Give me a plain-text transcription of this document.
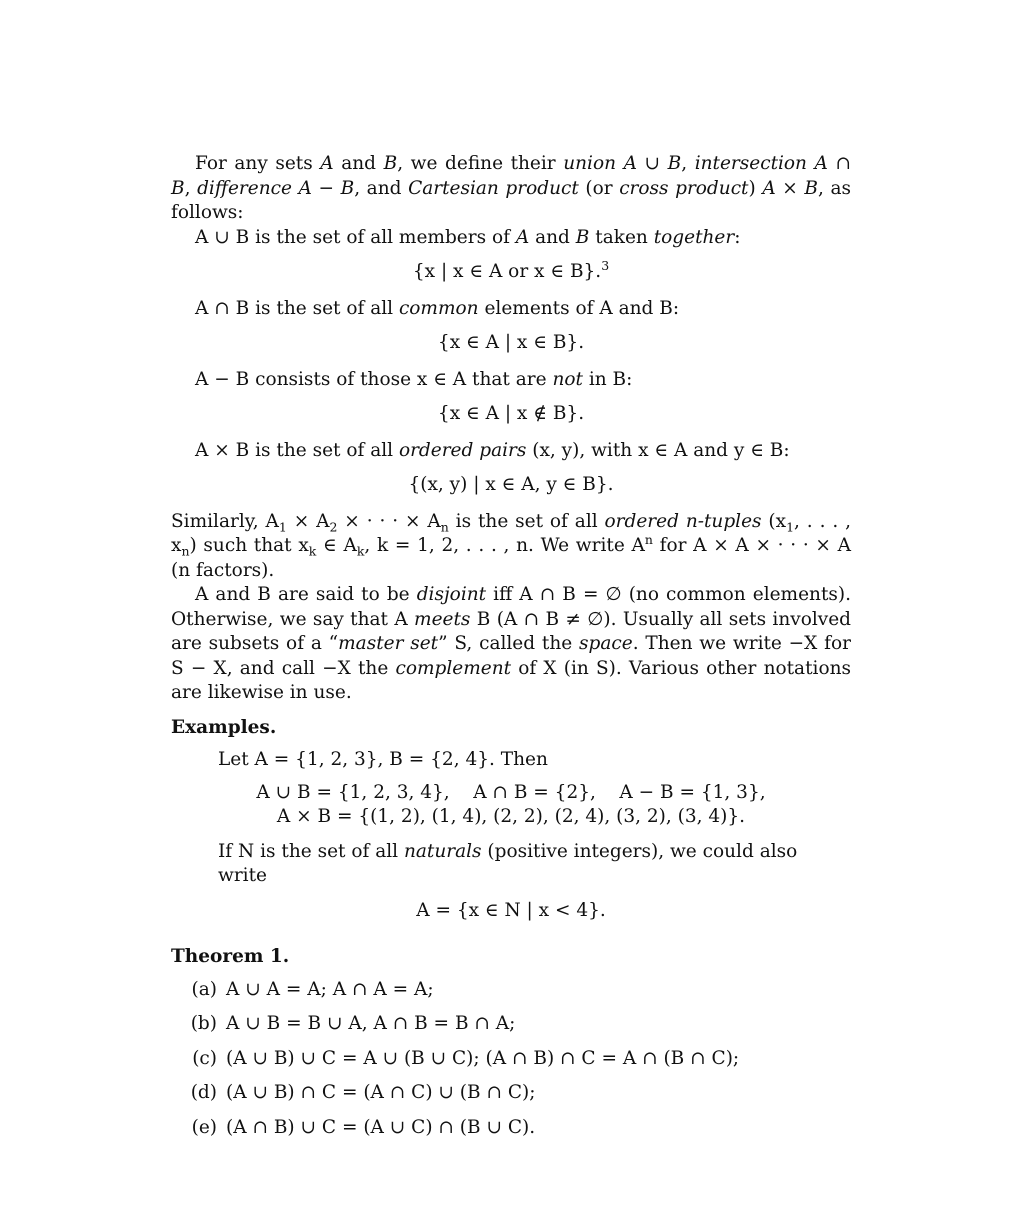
For any sets A and B, we define their union A ∪ B, intersection A ∩ B, difference A − B, and Cartesian product (or cross product) A × B, as follows:

A ∪ B is the set of all members of A and B taken together:

{x | x ∈ A or x ∈ B}.$^3$

A ∩ B is the set of all common elements of A and B:

{x ∈ A | x ∈ B}.

A − B consists of those x ∈ A that are not in B:

{x ∈ A | x ∉ B}.

A × B is the set of all ordered pairs (x, y), with x ∈ A and y ∈ B:

{(x, y) | x ∈ A, y ∈ B}.

Similarly, $A_1 \times A_2$ × · · · × $A_n$ is the set of all ordered n-tuples ($x_1$, . . . , $x_n$) such that $x_k$ ∈ $A_k$, k = 1, 2, . . . , n. We write $A^n$ for A × A × · · · × A (n factors).

A and B are said to be disjoint iff A ∩ B = ∅ (no common elements). Otherwise, we say that A meets B (A ∩ B ≠ ∅). Usually all sets involved are subsets of a “master set” S, called the space. Then we write −X for S − X, and call −X the complement of X (in S). Various other notations are likewise in use.

Examples.
Let A = {1, 2, 3}, B = {2, 4}. Then
A ∪ B = {1, 2, 3, 4},    A ∩ B = {2},    A − B = {1, 3},
A × B = {(1, 2), (1, 4), (2, 2), (2, 4), (3, 2), (3, 4)}.
If N is the set of all naturals (positive integers), we could also write
A = {x ∈ N | x < 4}.
Theorem 1.
(a) A ∪ A = A; A ∩ A = A;
(b) A ∪ B = B ∪ A, A ∩ B = B ∩ A;
(c) (A ∪ B) ∪ C = A ∪ (B ∪ C); (A ∩ B) ∩ C = A ∩ (B ∩ C);
(d) (A ∪ B) ∩ C = (A ∩ C) ∪ (B ∩ C);
(e) (A ∩ B) ∪ C = (A ∪ C) ∩ (B ∪ C).
